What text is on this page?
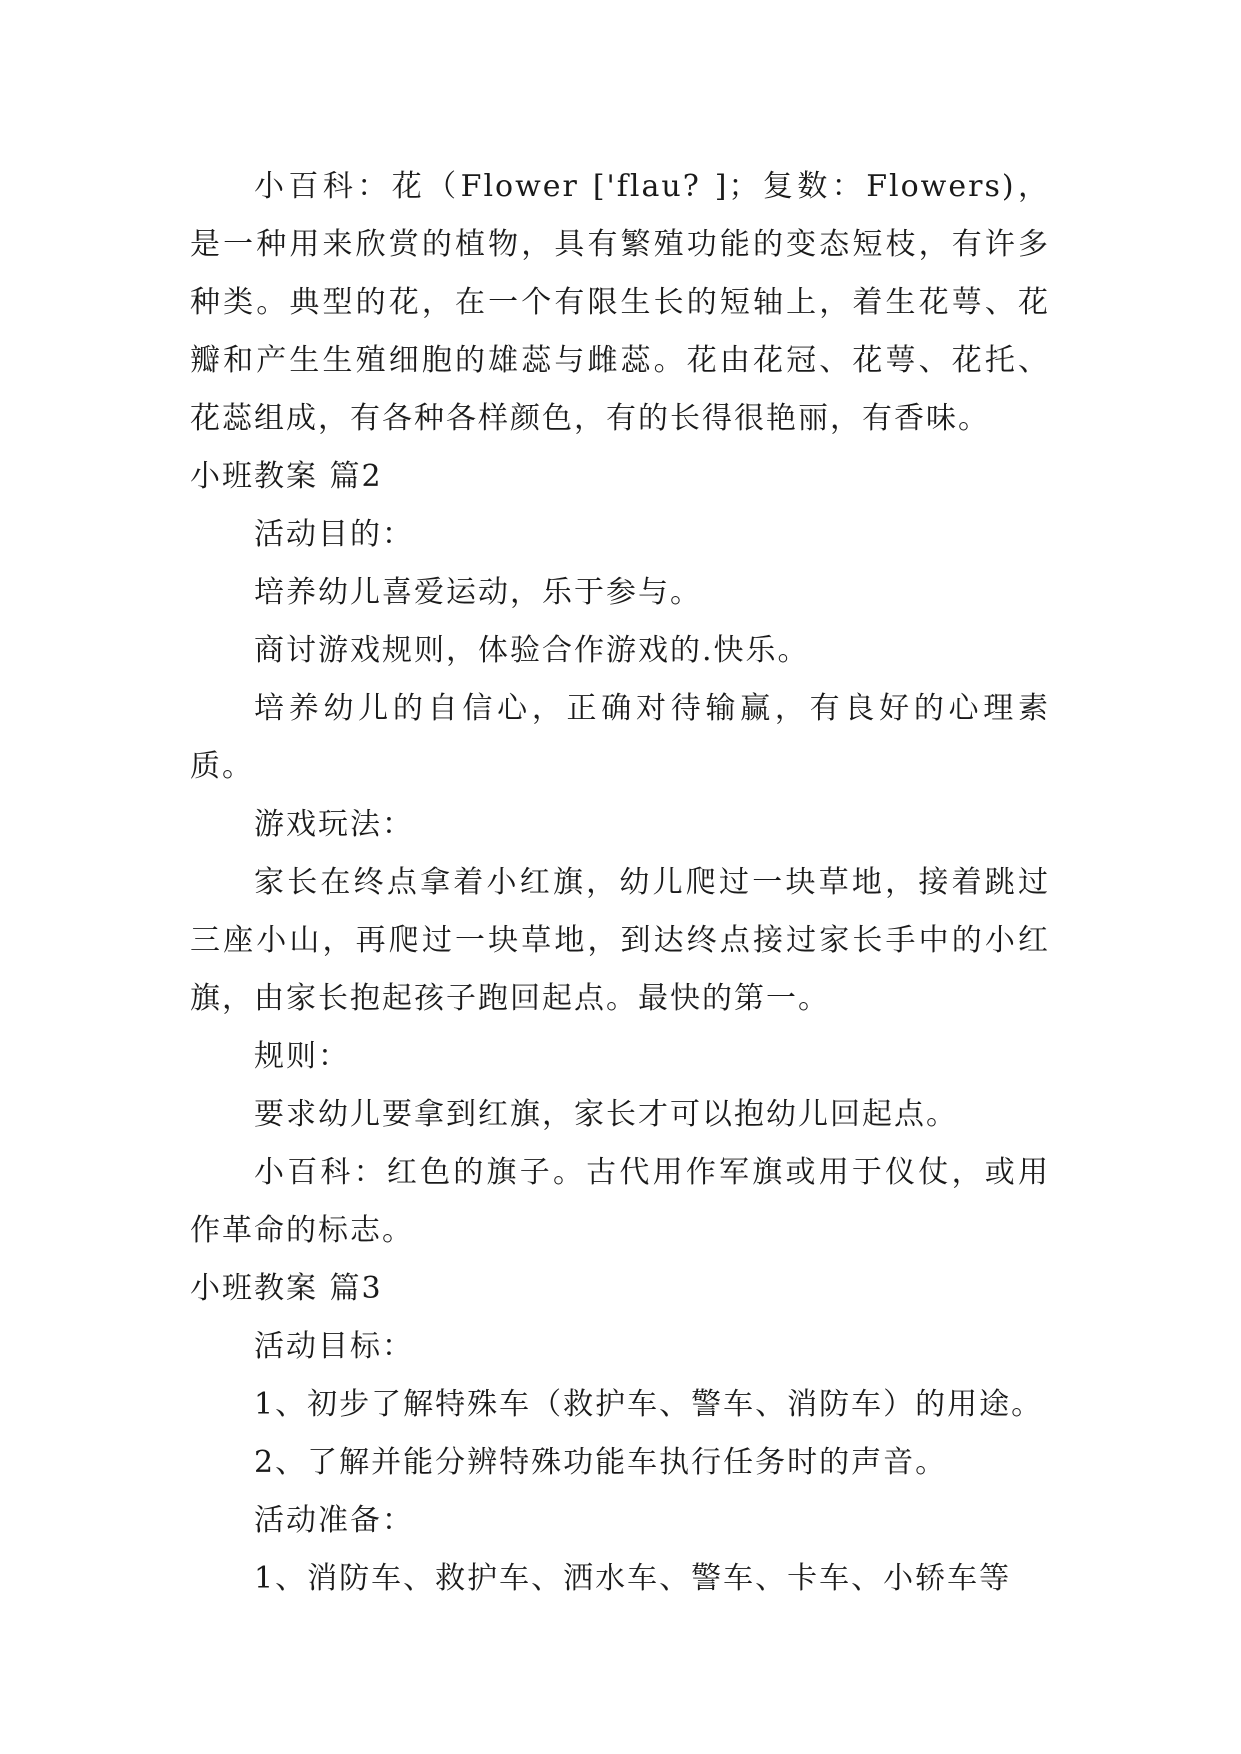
小百科：花（Flower ['flau? ]；复数：Flowers)，是一种用来欣赏的植物，具有繁殖功能的变态短枝，有许多种类。典型的花，在一个有限生长的短轴上，着生花萼、花瓣和产生生殖细胞的雄蕊与雌蕊。花由花冠、花萼、花托、花蕊组成，有各种各样颜色，有的长得很艳丽，有香味。

小班教案 篇2

活动目的：

培养幼儿喜爱运动，乐于参与。

商讨游戏规则，体验合作游戏的.快乐。

培养幼儿的自信心，正确对待输赢，有良好的心理素质。

游戏玩法：

家长在终点拿着小红旗，幼儿爬过一块草地，接着跳过三座小山，再爬过一块草地，到达终点接过家长手中的小红旗，由家长抱起孩子跑回起点。最快的第一。

规则：

要求幼儿要拿到红旗，家长才可以抱幼儿回起点。

小百科：红色的旗子。古代用作军旗或用于仪仗，或用作革命的标志。

小班教案 篇3

活动目标：

1、初步了解特殊车（救护车、警车、消防车）的用途。

2、了解并能分辨特殊功能车执行任务时的声音。

活动准备：

1、消防车、救护车、洒水车、警车、卡车、小轿车等
